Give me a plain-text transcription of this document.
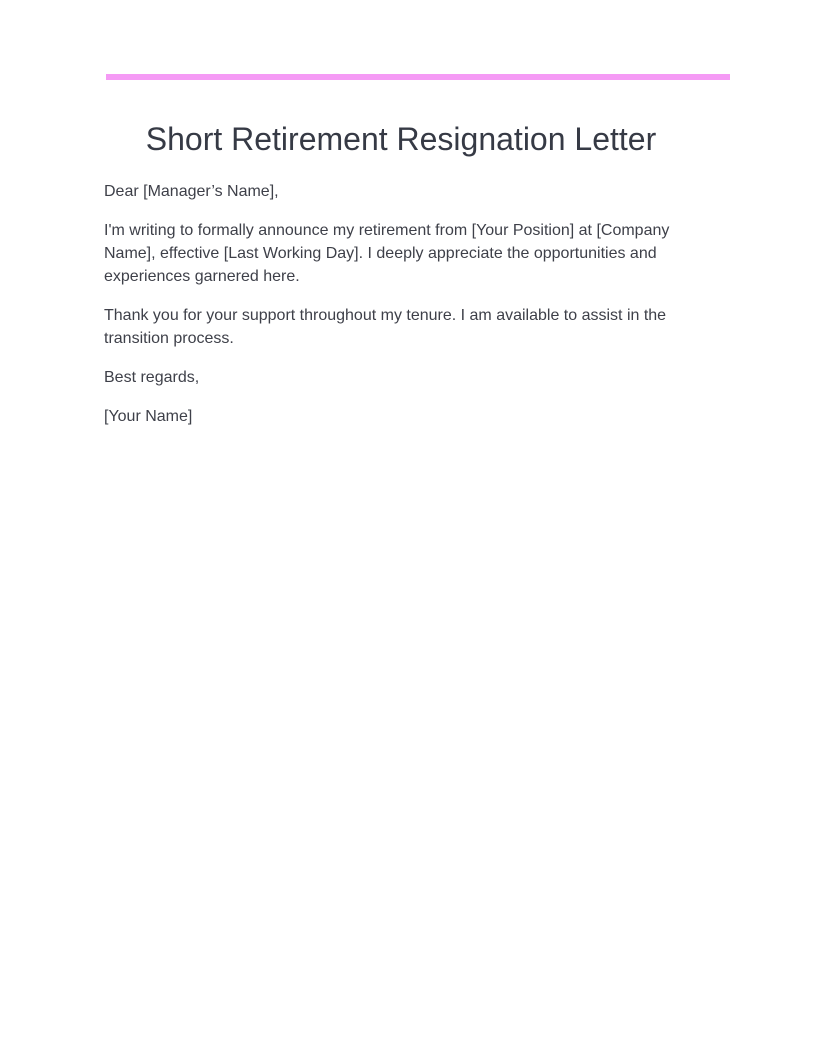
Short Retirement Resignation Letter

Dear [Manager’s Name],

I'm writing to formally announce my retirement from [Your Position] at [Company Name], effective [Last Working Day]. I deeply appreciate the opportunities and experiences garnered here.

Thank you for your support throughout my tenure. I am available to assist in the transition process.

Best regards,

[Your Name]
